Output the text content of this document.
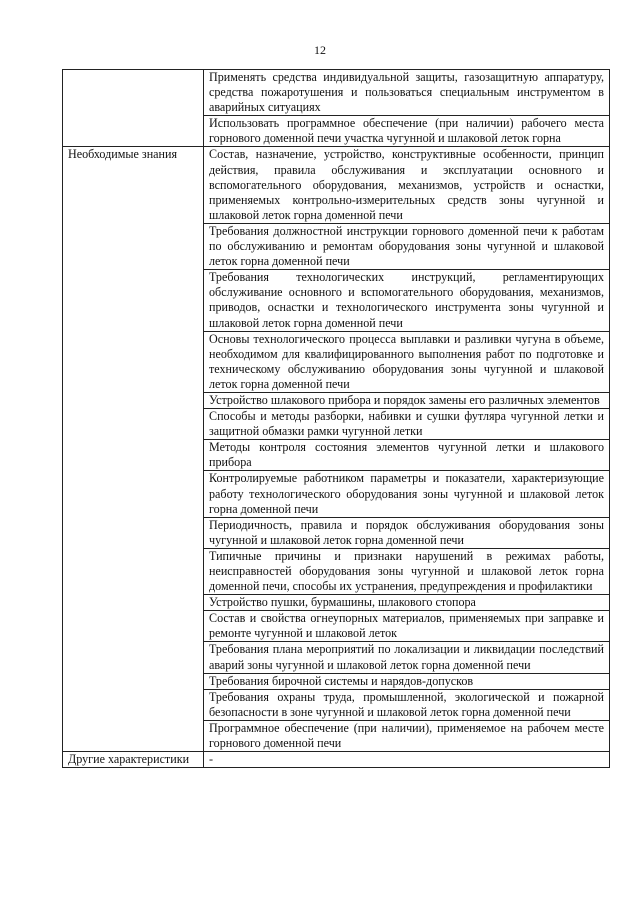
12

	Применять средства индивидуальной защиты, газозащитную аппаратуру, средства пожаротушения и пользоваться специальным инструментом в аварийных ситуациях

	Использовать программное обеспечение (при наличии) рабочего места горнового доменной печи участка чугунной и шлаковой леток горна

Необходимые знания	Состав, назначение, устройство, конструктивные особенности, принцип действия, правила обслуживания и эксплуатации основного и вспомогательного оборудования, механизмов, устройств и оснастки, применяемых контрольно-измерительных средств зоны чугунной и шлаковой леток горна доменной печи

	Требования должностной инструкции горнового доменной печи к работам по обслуживанию и ремонтам оборудования зоны чугунной и шлаковой леток горна доменной печи

	Требования технологических инструкций, регламентирующих обслуживание основного и вспомогательного оборудования, механизмов, приводов, оснастки и технологического инструмента зоны чугунной и шлаковой леток горна доменной печи

	Основы технологического процесса выплавки и разливки чугуна в объеме, необходимом для квалифицированного выполнения работ по подготовке и техническому обслуживанию оборудования зоны чугунной и шлаковой леток горна доменной печи

	Устройство шлакового прибора и порядок замены его различных элементов

	Способы и методы разборки, набивки и сушки футляра чугунной летки и защитной обмазки рамки чугунной летки

	Методы контроля состояния элементов чугунной летки и шлакового прибора

	Контролируемые работником параметры и показатели, характеризующие работу технологического оборудования зоны чугунной и шлаковой леток горна доменной печи

	Периодичность, правила и порядок обслуживания оборудования зоны чугунной и шлаковой леток горна доменной печи

	Типичные причины и признаки нарушений в режимах работы, неисправностей оборудования зоны чугунной и шлаковой леток горна доменной печи, способы их устранения, предупреждения и профилактики

	Устройство пушки, бурмашины, шлакового стопора

	Состав и свойства огнеупорных материалов, применяемых при заправке и ремонте чугунной и шлаковой леток

	Требования плана мероприятий по локализации и ликвидации последствий аварий зоны чугунной и шлаковой леток горна доменной печи

	Требования бирочной системы и нарядов-допусков

	Требования охраны труда, промышленной, экологической и пожарной безопасности в зоне чугунной и шлаковой леток горна доменной печи

	Программное обеспечение (при наличии), применяемое на рабочем месте горнового доменной печи

Другие характеристики	-
